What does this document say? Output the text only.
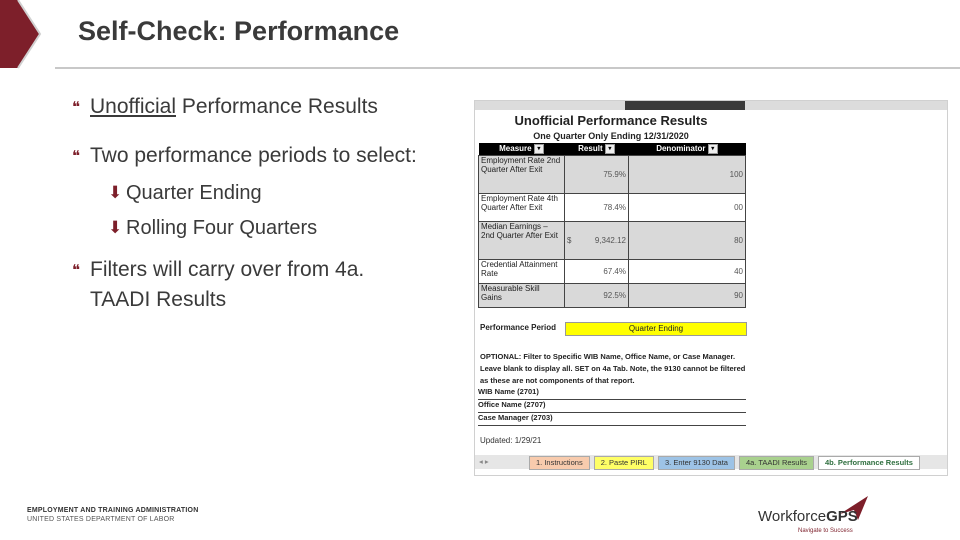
Self-Check: Performance
❝ Unofficial Performance Results
❝ Two performance periods to select:
⬇ Quarter Ending
⬇ Rolling Four Quarters
❝ Filters will carry over from 4a.
TAADI Results
Unofficial Performance Results
One Quarter Only Ending 12/31/2020
Measure ▾	Result ▾	Denominator ▾
Employment Rate 2nd Quarter After Exit	75.9%	100
Employment Rate 4th Quarter After Exit	78.4%	00
Median Earnings – 2nd Quarter After Exit	$ 9,342.12	80
Credential Attainment Rate	67.4%	40
Measurable Skill Gains	92.5%	90
Performance Period	Quarter Ending
OPTIONAL: Filter to Specific WIB Name, Office Name, or Case Manager. Leave blank to display all. SET on 4a Tab. Note, the 9130 cannot be filtered as these are not components of that report.
WIB Name (2701)
Office Name (2707)
Case Manager (2703)
Updated: 1/29/21
◂ ▸	1. Instructions	2. Paste PIRL	3. Enter 9130 Data	4a. TAADI Results	4b. Performance Results
EMPLOYMENT AND TRAINING ADMINISTRATION
UNITED STATES DEPARTMENT OF LABOR	WorkforceGPS
Navigate to Success
